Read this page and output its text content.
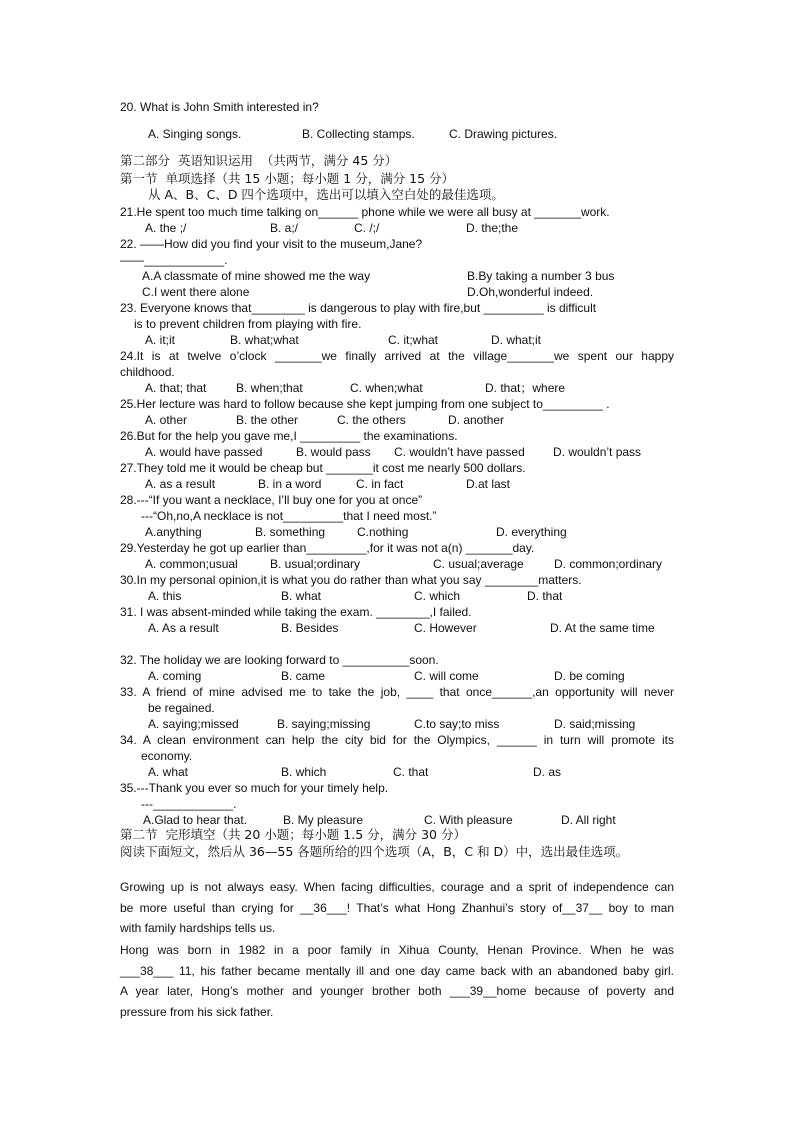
20. What is John Smith interested in?
A. Singing songs.	B. Collecting stamps.	C. Drawing pictures.
第二部分  英语知识运用  （共两节，满分 45 分）
第一节  单项选择（共 15 小题；每小题 1 分，满分 15 分）
从 A、B、C、D 四个选项中，选出可以填入空白处的最佳选项。
21.He spent too much time talking on______ phone while we were all busy at _______work.
A. the ;/	B. a;/	C. /;/	D. the;the
22. ——How did you find your visit to the museum,Jane?
——____________.
A.A classmate of mine showed me the way	B.By taking a number 3 bus
C.I went there alone	D.Oh,wonderful indeed.
23. Everyone knows that________ is dangerous to play with fire,but _________ is difficult
is to prevent children from playing with fire.
A. it;it	B. what;what	C. it;what	D. what;it
24.It is at twelve o’clock _______we finally arrived at the village_______we spent our happy
childhood.
A. that; that B. when;that	C. when;what	D. that；where
25.Her lecture was hard to follow because she kept jumping from one subject to_________ .
A. other	B. the other	C. the others	D. another
26.But for the help you gave me,I _________ the examinations.
A. would have passed	B. would pass C. wouldn’t have passed D. wouldn’t pass
27.They told me it would be cheap but _______it cost me nearly 500 dollars.
A. as a result	B. in a word	C. in fact	D.at last
28.---“If you want a necklace, I’ll buy one for you at once”
---“Oh,no,A necklace is not_________that I need most.”
A.anything	B. something	C.nothing	D. everything
29.Yesterday he got up earlier than_________,for it was not a(n) _______day.
A. common;usual	B. usual;ordinary	C. usual;average	D. common;ordinary
30.In my personal opinion,it is what you do rather than what you say ________matters.
A. this	B. what	C. which	D. that
31. I was absent-minded while taking the exam. ________,I failed.
A. As a result	B. Besides	C. However	D. At the same time
32. The holiday we are looking forward to __________soon.
A. coming	B. came	C. will come	D. be coming
33. A friend of mine advised me to take the job, ____ that once______,an opportunity will never
be regained.
A. saying;missed	B. saying;missing	C.to say;to miss	D. said;missing
34. A clean environment can help the city bid for the Olympics, ______ in turn will promote its
economy.
A. what	B. which	C. that	D. as
35.---Thank you ever so much for your timely help.
---____________.
A.Glad to hear that.	B. My pleasure	C. With pleasure	D. All right
第二节  完形填空（共 20 小题；每小题 1.5 分，满分 30 分）
阅读下面短文，然后从 36—55 各题所给的四个选项（A，B，C 和 D）中，选出最佳选项。
Growing up is not always easy. When facing difficulties, courage and a sprit of independence can
be more useful than crying for __36___! That’s what Hong Zhanhui’s story of__37__ boy to man
with family hardships tells us.
Hong was born in 1982 in a poor family in Xihua County, Henan Province. When he was
___38___ 11, his father became mentally ill and one day came back with an abandoned baby girl.
A year later, Hong’s mother and younger brother both ___39__home because of poverty and
pressure from his sick father.
